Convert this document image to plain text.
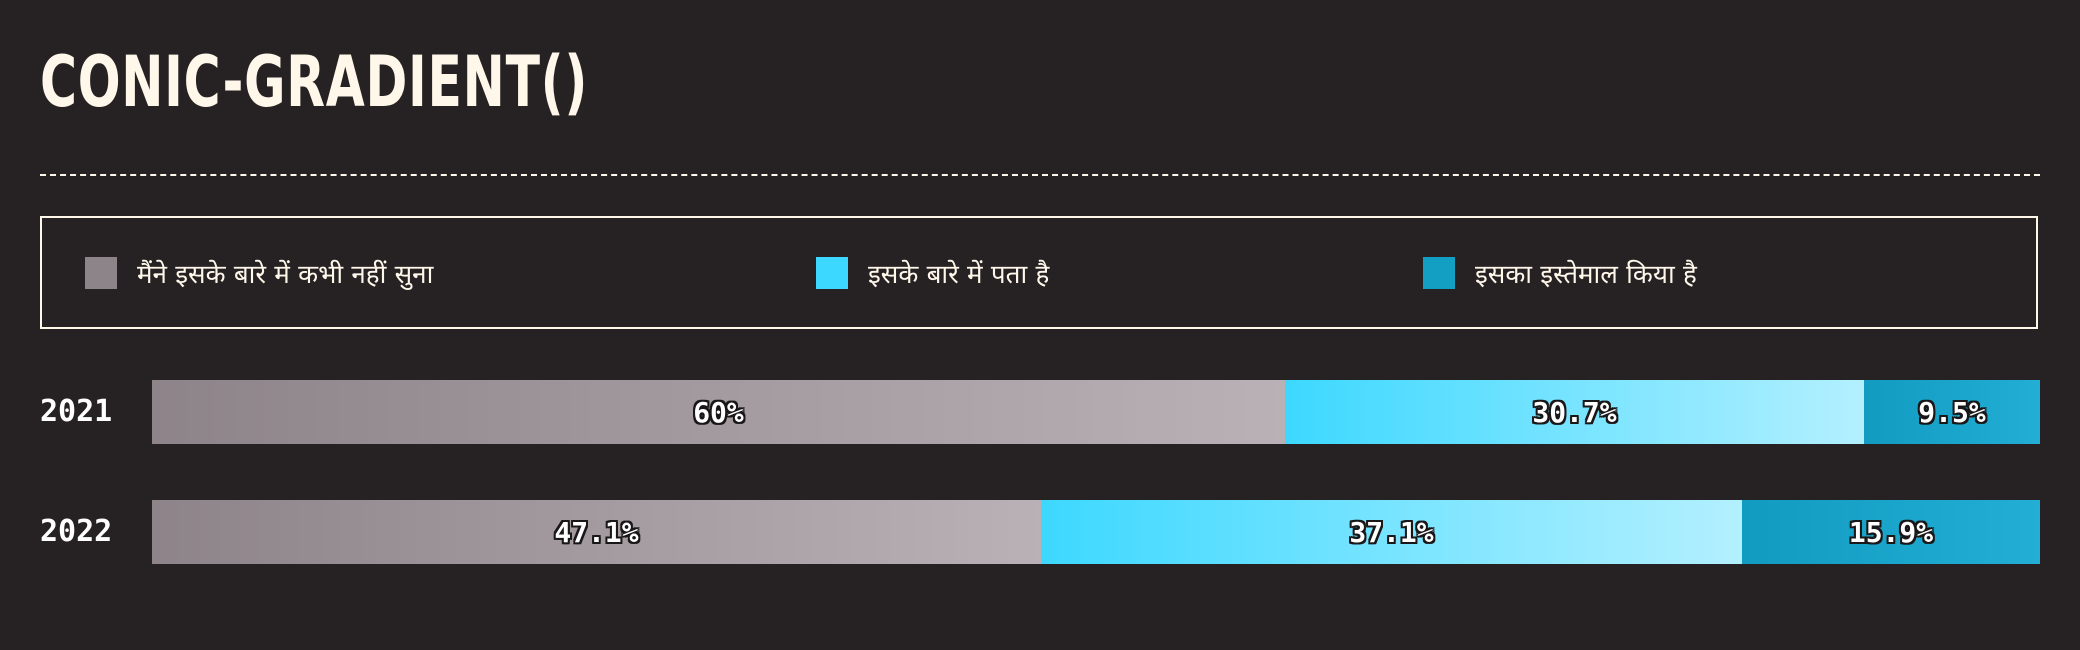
CONIC-GRADIENT()
मैंने इसके बारे में कभी नहीं सुना	इसके बारे में पता है	इसका इस्तेमाल किया है
2021	60%	30.7%	9.5%
2022	47.1%	37.1%	15.9%
